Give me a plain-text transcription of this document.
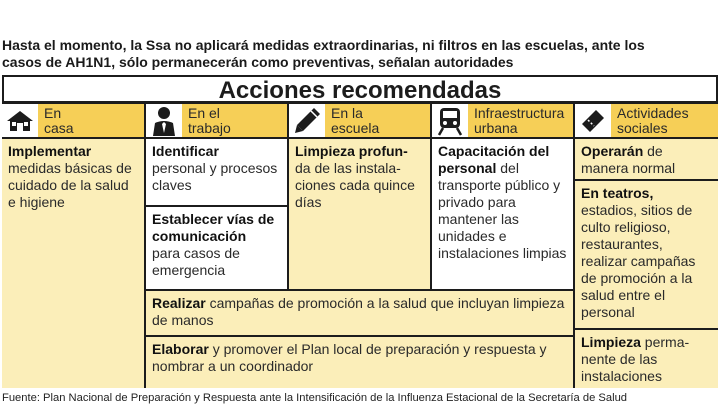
Hasta el momento, la Ssa no aplicará medidas extraordinarias, ni filtros en las escuelas, ante los
casos de AH1N1, sólo permanecerán como preventivas, señalan autoridades
Acciones recomendadas
En
casa
En el
trabajo
En la
escuela
Infraestructura
urbana
Actividades
sociales
Implementar
medidas básicas de cuidado de la salud e higiene
Identificar
personal y procesos claves
Establecer vías de comunicación
para casos de emergencia
Limpieza profun- da de las instala-ciones cada quince días
Capacitación del personal del transporte público y privado para mantener las unidades e instalaciones limpias
Realizar campañas de promoción a la salud que incluyan limpieza de manos
Elaborar y promover el Plan local de preparación y respuesta y nombrar a un coordinador
Operarán de manera normal
En teatros, estadios, sitios de culto religioso, restaurantes, realizar campañas de promoción a la salud entre el personal
Limpieza perma-nente de las instalaciones
Fuente: Plan Nacional de Preparación y Respuesta ante la Intensificación de la Influenza Estacional de la Secretaría de Salud
